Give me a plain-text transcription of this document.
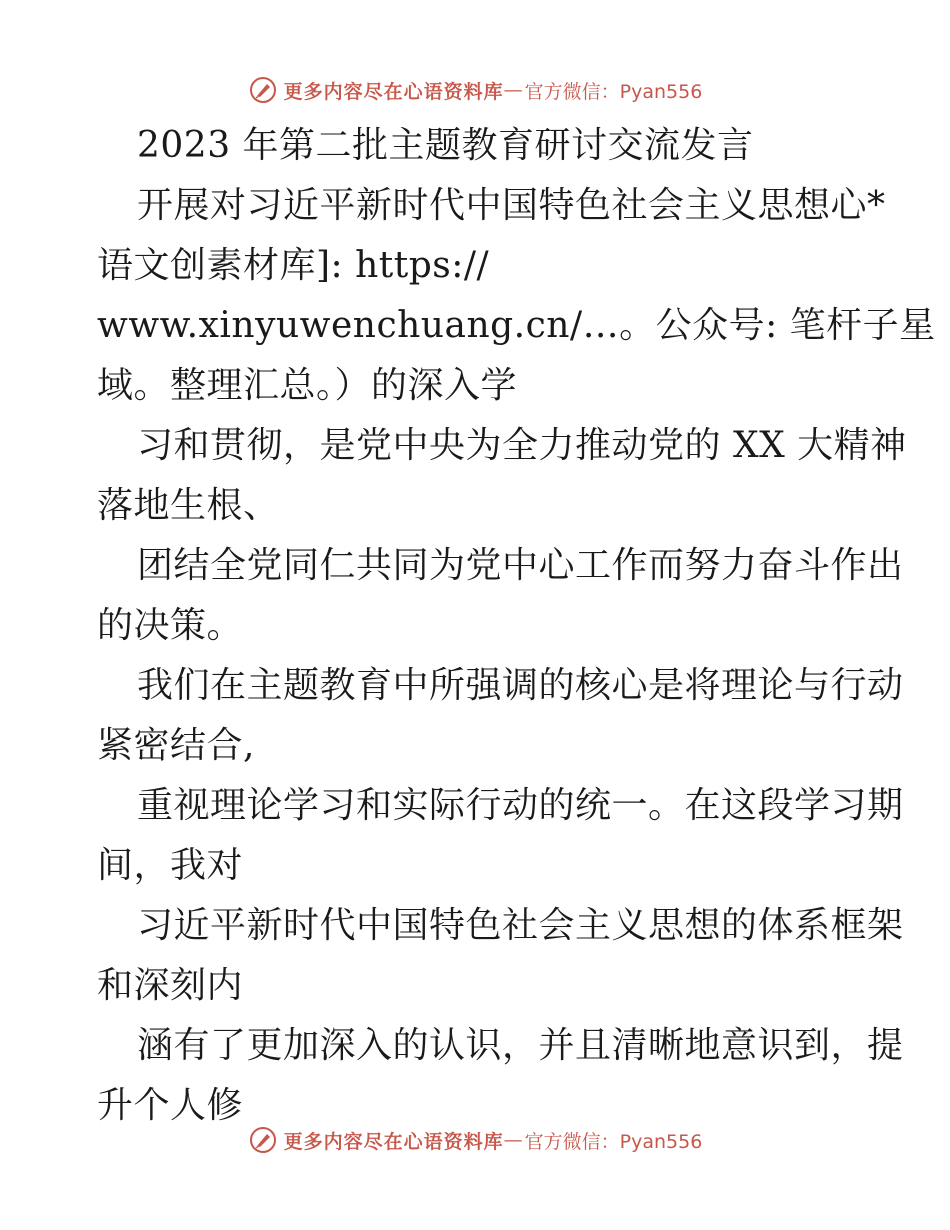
更多内容尽在心语资料库 — 官方微信：Pyan556
2023 年第二批主题教育研讨交流发言
开展对习近平新时代中国特色社会主义思想心*
语文创素材库]: https://
www.xinyuwenchuang.cn/…。公众号: 笔杆子星
域。整理汇总。）的深入学
习和贯彻，是党中央为全力推动党的 XX 大精神
落地生根、
团结全党同仁共同为党中心工作而努力奋斗作出
的决策。
我们在主题教育中所强调的核心是将理论与行动
紧密结合,
重视理论学习和实际行动的统一。在这段学习期
间，我对
习近平新时代中国特色社会主义思想的体系框架
和深刻内
涵有了更加深入的认识，并且清晰地意识到，提
升个人修
更多内容尽在心语资料库 — 官方微信：Pyan556
